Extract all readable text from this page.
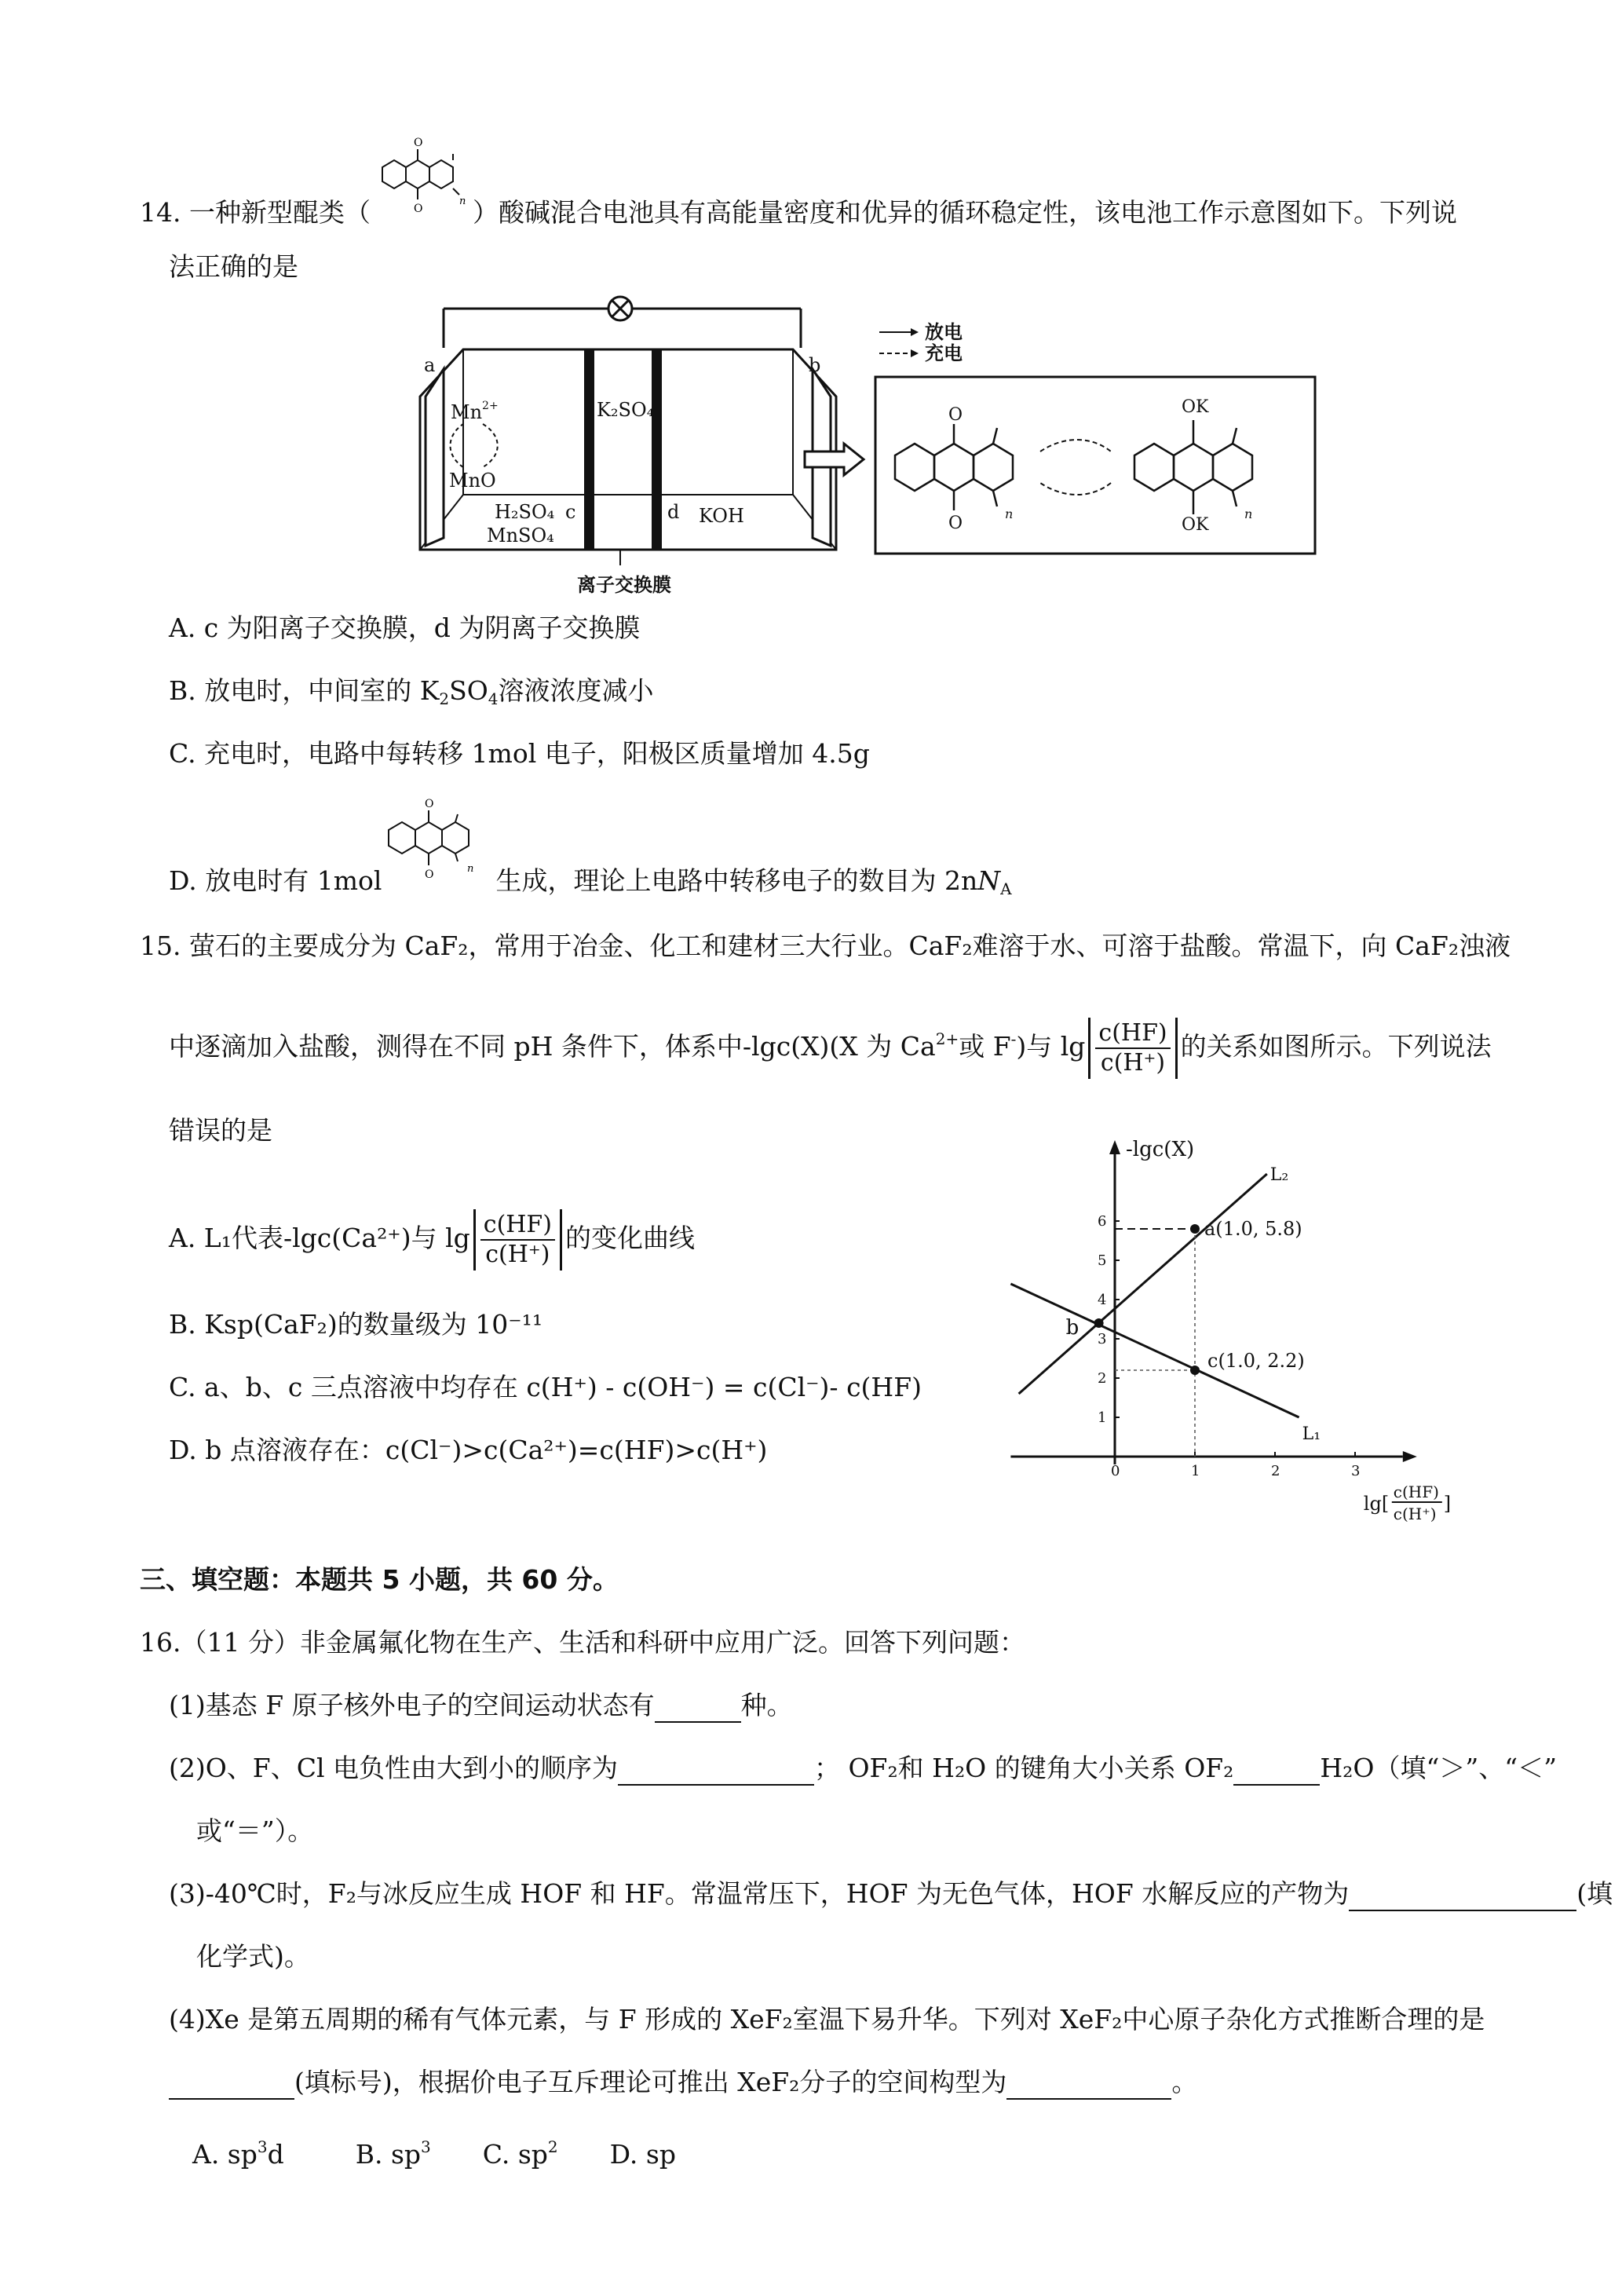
14. 一种新型醌类（
O
O
n ）酸碱混合电池具有高能量密度和优异的循环稳定性，该电池工作示意图如下。下列说
法正确的是
a	b
$Mn^{2+}$
MnO
H₂SO₄
MnSO₄
K₂SO₄
c	d KOH
离子交换膜
放电
充电
O
O
OK
OK
n	n
A. c 为阳离子交换膜，d 为阴离子交换膜
B. 放电时，中间室的 $K_2SO_4$溶液浓度减小
C. 充电时，电路中每转移 1mol 电子，阳极区质量增加 4.5g
O
O	n
D. 放电时有 1mol	生成，理论上电路中转移电子的数目为 $2nN_A$
15. 萤石的主要成分为 CaF₂，常用于冶金、化工和建材三大行业。CaF₂难溶于水、可溶于盐酸。常温下，向 CaF₂浊液
中逐滴加入盐酸，测得在不同 pH 条件下，体系中-lgc(X)(X 为 $Ca^{2+}$或 F-)与 $\lg \frac{c(HF)}{c(H^+)}$ 的关系如图所示。下列说法
错误的是
A. L₁代表-lgc(Ca²⁺)与 $\lg \frac{c(HF)}{c(H^+)}$ 的变化曲线
B. Ksp(CaF₂)的数量级为 10⁻¹¹
C. a、b、c 三点溶液中均存在 c(H⁺) - c(OH⁻) = c(Cl⁻)- c(HF)
D. b 点溶液存在：c(Cl⁻)>c(Ca²⁺)=c(HF)>c(H⁺)
0	1	2	3
1
2
3
4
5
6
-lgc(X)
lg[
c(HF)
c(H⁺) ]
L₂
L₁
a(1.0, 5.8)
c(1.0, 2.2)
b
三、填空题：本题共 5 小题，共 60 分。
16.（11 分）非金属氟化物在生产、生活和科研中应用广泛。回答下列问题：
(1)基态 F 原子核外电子的空间运动状态有	种。
(2)O、F、Cl 电负性由大到小的顺序为	； OF₂和 H₂O 的键角大小关系 OF₂	H₂O（填“＞”、“＜”
或“＝”）。
(3)-40℃时，F₂与冰反应生成 HOF 和 HF。常温常压下，HOF 为无色气体，HOF 水解反应的产物为	(填
化学式)。
(4)Xe 是第五周期的稀有气体元素，与 F 形成的 XeF₂室温下易升华。下列对 XeF₂中心原子杂化方式推断合理的是
(填标号)，根据价电子互斥理论可推出 XeF₂分子的空间构型为	。
A. $sp^3d$	B. $sp^3$ C. $sp^2$ D. sp
